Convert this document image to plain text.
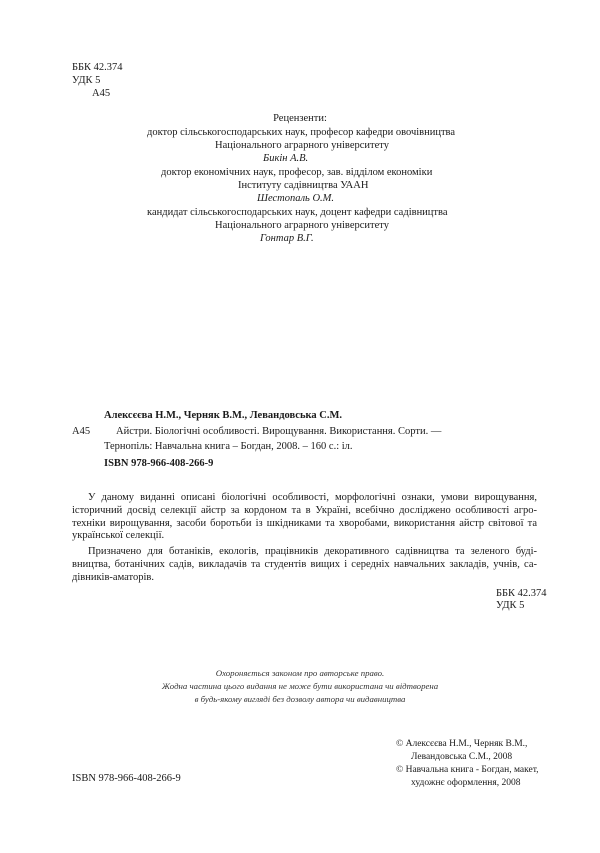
ББК 42.374
УДК 5
А45
Рецензенти:
доктор сільськогосподарських наук, професор кафедри овочівництва
Національного аграрного університету
Бикін А.В.
доктор економічних наук, професор, зав. відділом економіки
Інституту садівництва УААН
Шестопаль О.М.
кандидат сільськогосподарських наук, доцент кафедри садівництва
Національного аграрного університету
Гонтар В.Г.
Алексєєва Н.М., Черняк В.М., Левандовська С.М.
А45 Айстри. Біологічні особливості. Вирощування. Використання. Сорти. —
Тернопіль: Навчальна книга – Богдан, 2008. – 160 с.: іл.
ISBN 978-966-408-266-9
У даному виданні описані біологічні особливості, морфологічні ознаки, умови вирощування,
історичний досвід селекції айстр за кордоном та в Україні, всебічно досліджено особливості агро-
техніки вирощування, засоби боротьби із шкідниками та хворобами, використання айстр світової та
української селекції.
Призначено для ботаніків, екологів, працівників декоративного садівництва та зеленого буді-
вництва, ботанічних садів, викладачів та студентів вищих і середніх навчальних закладів, учнів, са-
дівників-аматорів.
ББК 42.374
УДК 5
Охороняється законом про авторське право.
Жодна частина цього видання не може бути використана чи відтворена
в будь-якому вигляді без дозволу автора чи видавництва
© Алексєєва Н.М., Черняк В.М.,
Левандовська С.М., 2008
© Навчальна книга - Богдан, макет,
художнє оформлення, 2008
ISBN 978-966-408-266-9
